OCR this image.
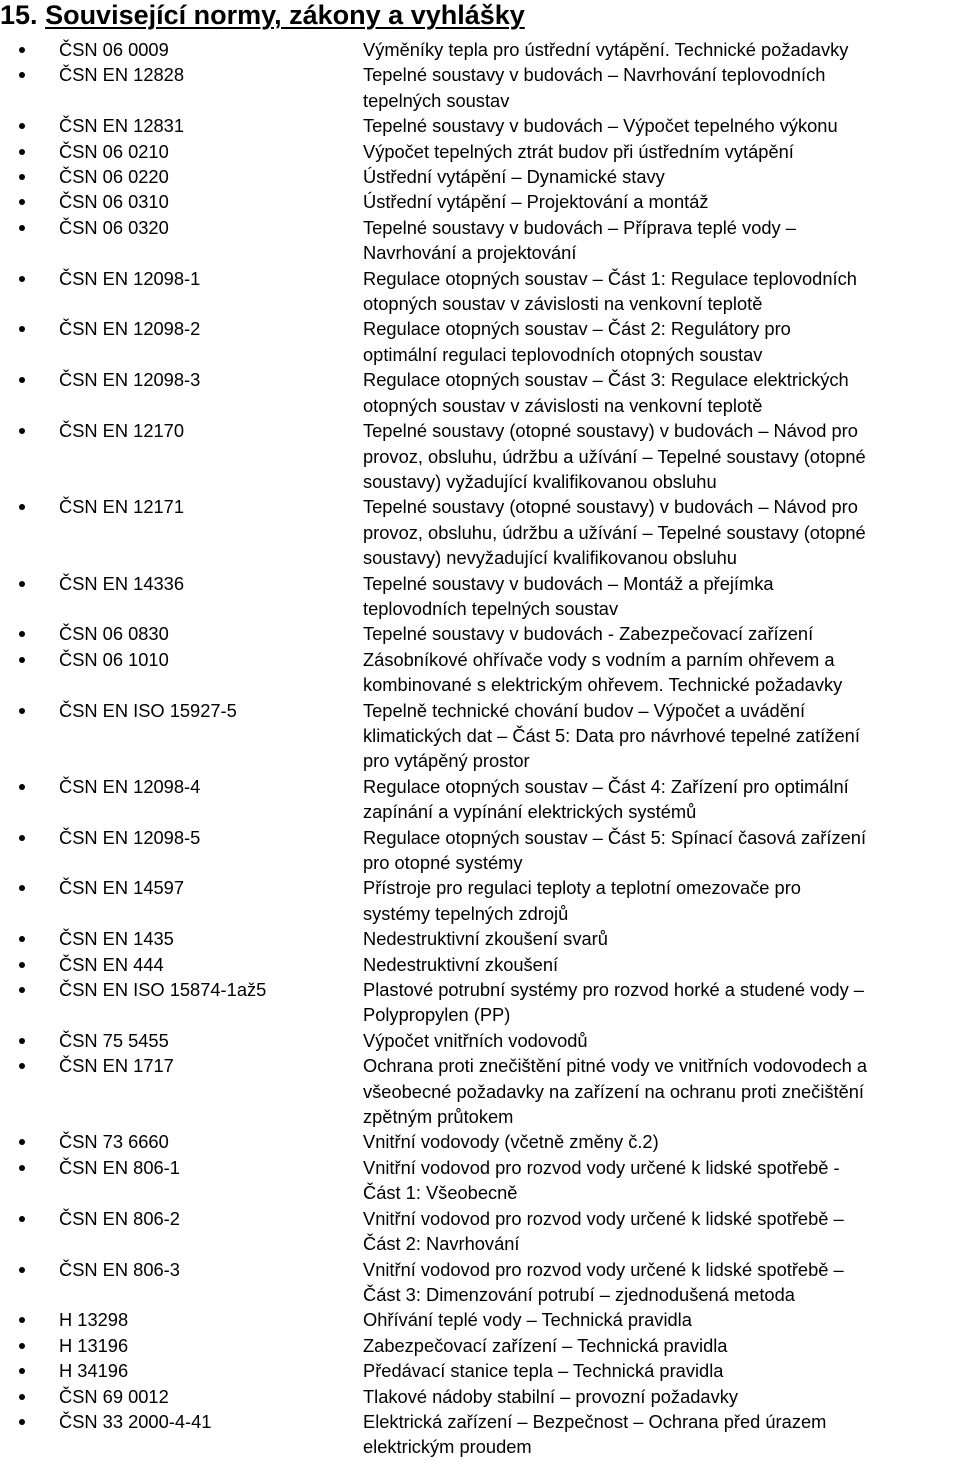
15. Související normy, zákony a vyhlášky
ČSN 06 0009	Výměníky tepla pro ústřední vytápění. Technické požadavky
ČSN EN 12828	Tepelné soustavy v budovách – Navrhování teplovodních
tepelných soustav
ČSN EN 12831	Tepelné soustavy v budovách – Výpočet tepelného výkonu
ČSN 06 0210	Výpočet tepelných ztrát budov při ústředním vytápění
ČSN 06 0220	Ústřední vytápění – Dynamické stavy
ČSN 06 0310	Ústřední vytápění – Projektování a montáž
ČSN 06 0320	Tepelné soustavy v budovách – Příprava teplé vody –
Navrhování a projektování
ČSN EN 12098-1	Regulace otopných soustav – Část 1: Regulace teplovodních
otopných soustav v závislosti na venkovní teplotě
ČSN EN 12098-2	Regulace otopných soustav – Část 2: Regulátory pro
optimální regulaci teplovodních otopných soustav
ČSN EN 12098-3	Regulace otopných soustav – Část 3: Regulace elektrických
otopných soustav v závislosti na venkovní teplotě
ČSN EN 12170	Tepelné soustavy (otopné soustavy) v budovách – Návod pro
provoz, obsluhu, údržbu a užívání – Tepelné soustavy (otopné
soustavy) vyžadující kvalifikovanou obsluhu
ČSN EN 12171	Tepelné soustavy (otopné soustavy) v budovách – Návod pro
provoz, obsluhu, údržbu a užívání – Tepelné soustavy (otopné
soustavy) nevyžadující kvalifikovanou obsluhu
ČSN EN 14336	Tepelné soustavy v budovách – Montáž a přejímka
teplovodních tepelných soustav
ČSN 06 0830	Tepelné soustavy v budovách - Zabezpečovací zařízení
ČSN 06 1010	Zásobníkové ohřívače vody s vodním a parním ohřevem a
kombinované s elektrickým ohřevem. Technické požadavky
ČSN EN ISO 15927-5	Tepelně technické chování budov – Výpočet a uvádění
klimatických dat – Část 5: Data pro návrhové tepelné zatížení
pro vytápěný prostor
ČSN EN 12098-4	Regulace otopných soustav – Část 4: Zařízení pro optimální
zapínání a vypínání elektrických systémů
ČSN EN 12098-5	Regulace otopných soustav – Část 5: Spínací časová zařízení
pro otopné systémy
ČSN EN 14597	Přístroje pro regulaci teploty a teplotní omezovače pro
systémy tepelných zdrojů
ČSN EN 1435	Nedestruktivní zkoušení svarů
ČSN EN 444	Nedestruktivní zkoušení
ČSN EN ISO 15874-1až5	Plastové potrubní systémy pro rozvod horké a studené vody –
Polypropylen (PP)
ČSN 75 5455	Výpočet vnitřních vodovodů
ČSN EN 1717	Ochrana proti znečištění pitné vody ve vnitřních vodovodech a
všeobecné požadavky na zařízení na ochranu proti znečištění
zpětným průtokem
ČSN 73 6660	Vnitřní vodovody (včetně změny č.2)
ČSN EN 806-1	Vnitřní vodovod pro rozvod vody určené k lidské spotřebě -
Část 1: Všeobecně
ČSN EN 806-2	Vnitřní vodovod pro rozvod vody určené k lidské spotřebě –
Část 2: Navrhování
ČSN EN 806-3	Vnitřní vodovod pro rozvod vody určené k lidské spotřebě –
Část 3: Dimenzování potrubí – zjednodušená metoda
H 13298	Ohřívání teplé vody – Technická pravidla
H 13196	Zabezpečovací zařízení – Technická pravidla
H 34196	Předávací stanice tepla – Technická pravidla
ČSN 69 0012	Tlakové nádoby stabilní – provozní požadavky
ČSN 33 2000-4-41	Elektrická zařízení – Bezpečnost – Ochrana před úrazem
elektrickým proudem
